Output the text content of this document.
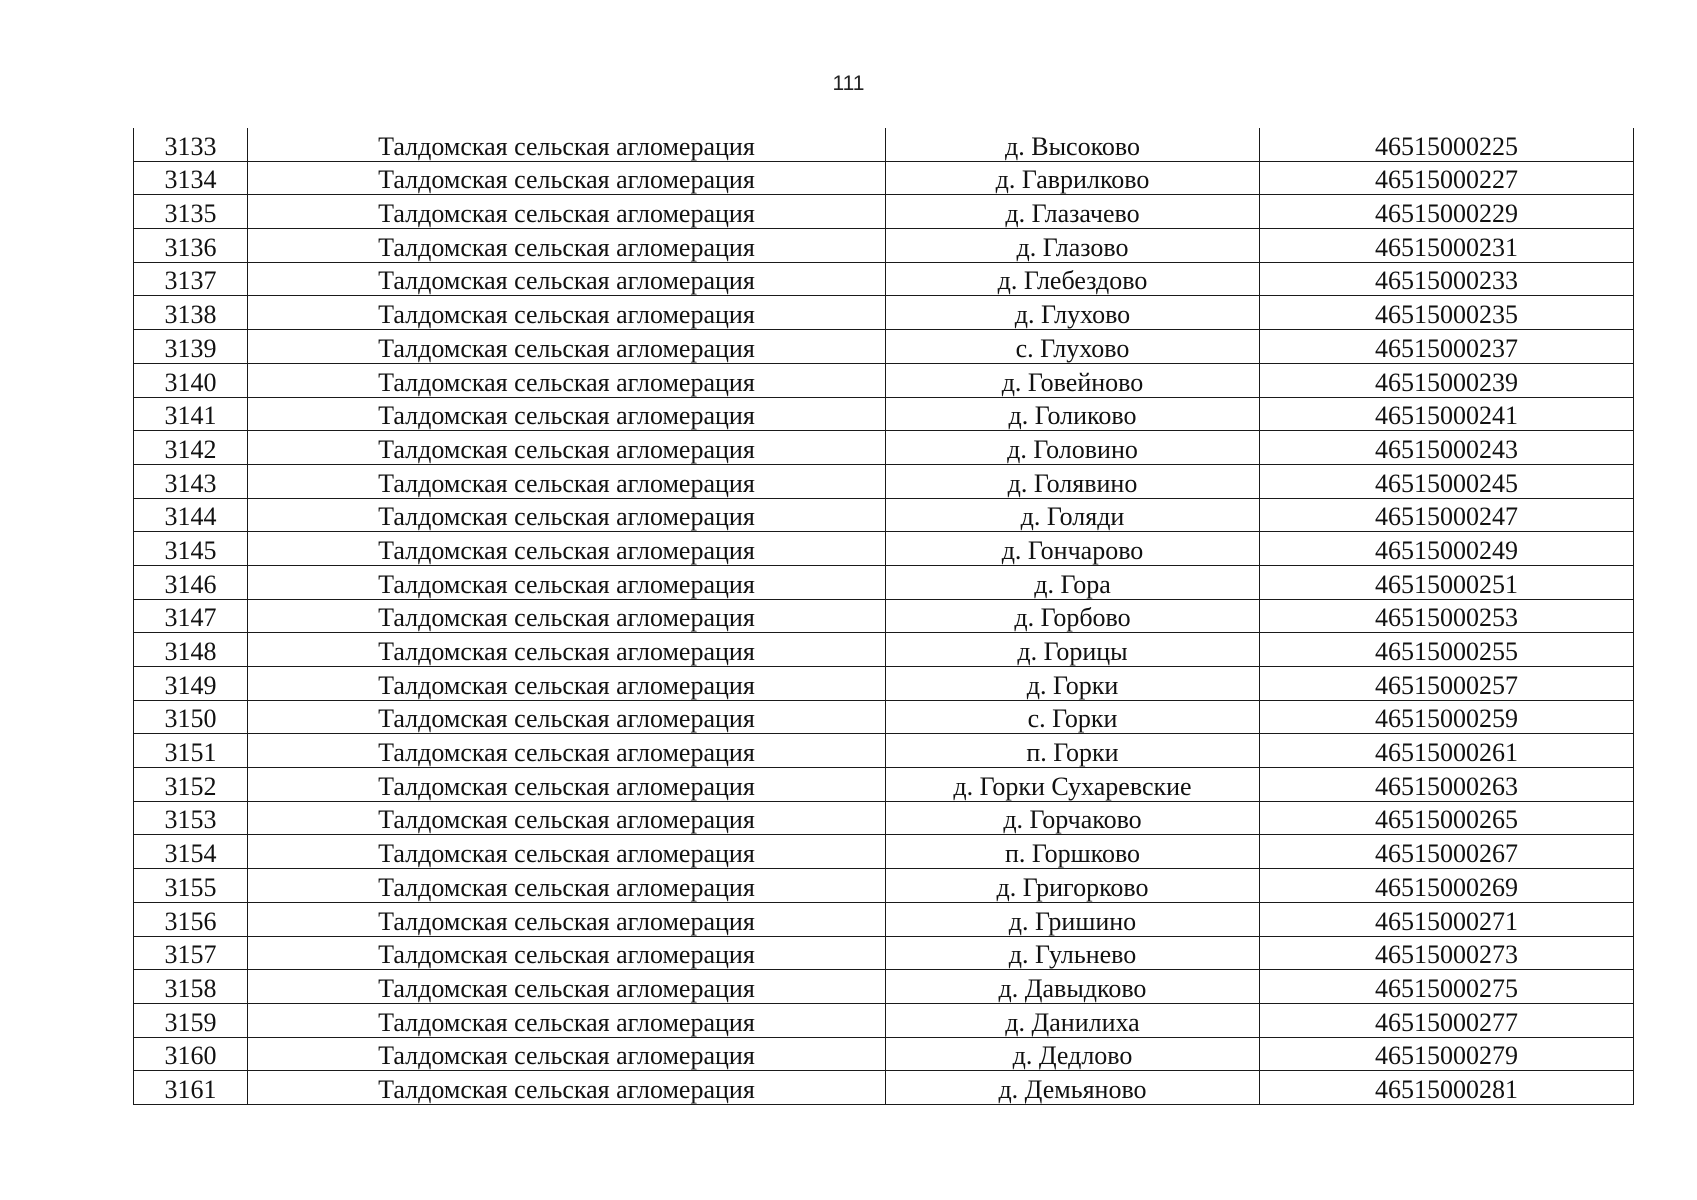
111
3133	Талдомская сельская агломерация	д. Высоково	46515000225
3134	Талдомская сельская агломерация	д. Гаврилково	46515000227
3135	Талдомская сельская агломерация	д. Глазачево	46515000229
3136	Талдомская сельская агломерация	д. Глазово	46515000231
3137	Талдомская сельская агломерация	д. Глебездово	46515000233
3138	Талдомская сельская агломерация	д. Глухово	46515000235
3139	Талдомская сельская агломерация	с. Глухово	46515000237
3140	Талдомская сельская агломерация	д. Говейново	46515000239
3141	Талдомская сельская агломерация	д. Голиково	46515000241
3142	Талдомская сельская агломерация	д. Головино	46515000243
3143	Талдомская сельская агломерация	д. Голявино	46515000245
3144	Талдомская сельская агломерация	д. Голяди	46515000247
3145	Талдомская сельская агломерация	д. Гончарово	46515000249
3146	Талдомская сельская агломерация	д. Гора	46515000251
3147	Талдомская сельская агломерация	д. Горбово	46515000253
3148	Талдомская сельская агломерация	д. Горицы	46515000255
3149	Талдомская сельская агломерация	д. Горки	46515000257
3150	Талдомская сельская агломерация	с. Горки	46515000259
3151	Талдомская сельская агломерация	п. Горки	46515000261
3152	Талдомская сельская агломерация	д. Горки Сухаревские	46515000263
3153	Талдомская сельская агломерация	д. Горчаково	46515000265
3154	Талдомская сельская агломерация	п. Горшково	46515000267
3155	Талдомская сельская агломерация	д. Григорково	46515000269
3156	Талдомская сельская агломерация	д. Гришино	46515000271
3157	Талдомская сельская агломерация	д. Гульнево	46515000273
3158	Талдомская сельская агломерация	д. Давыдково	46515000275
3159	Талдомская сельская агломерация	д. Данилиха	46515000277
3160	Талдомская сельская агломерация	д. Дедлово	46515000279
3161	Талдомская сельская агломерация	д. Демьяново	46515000281
